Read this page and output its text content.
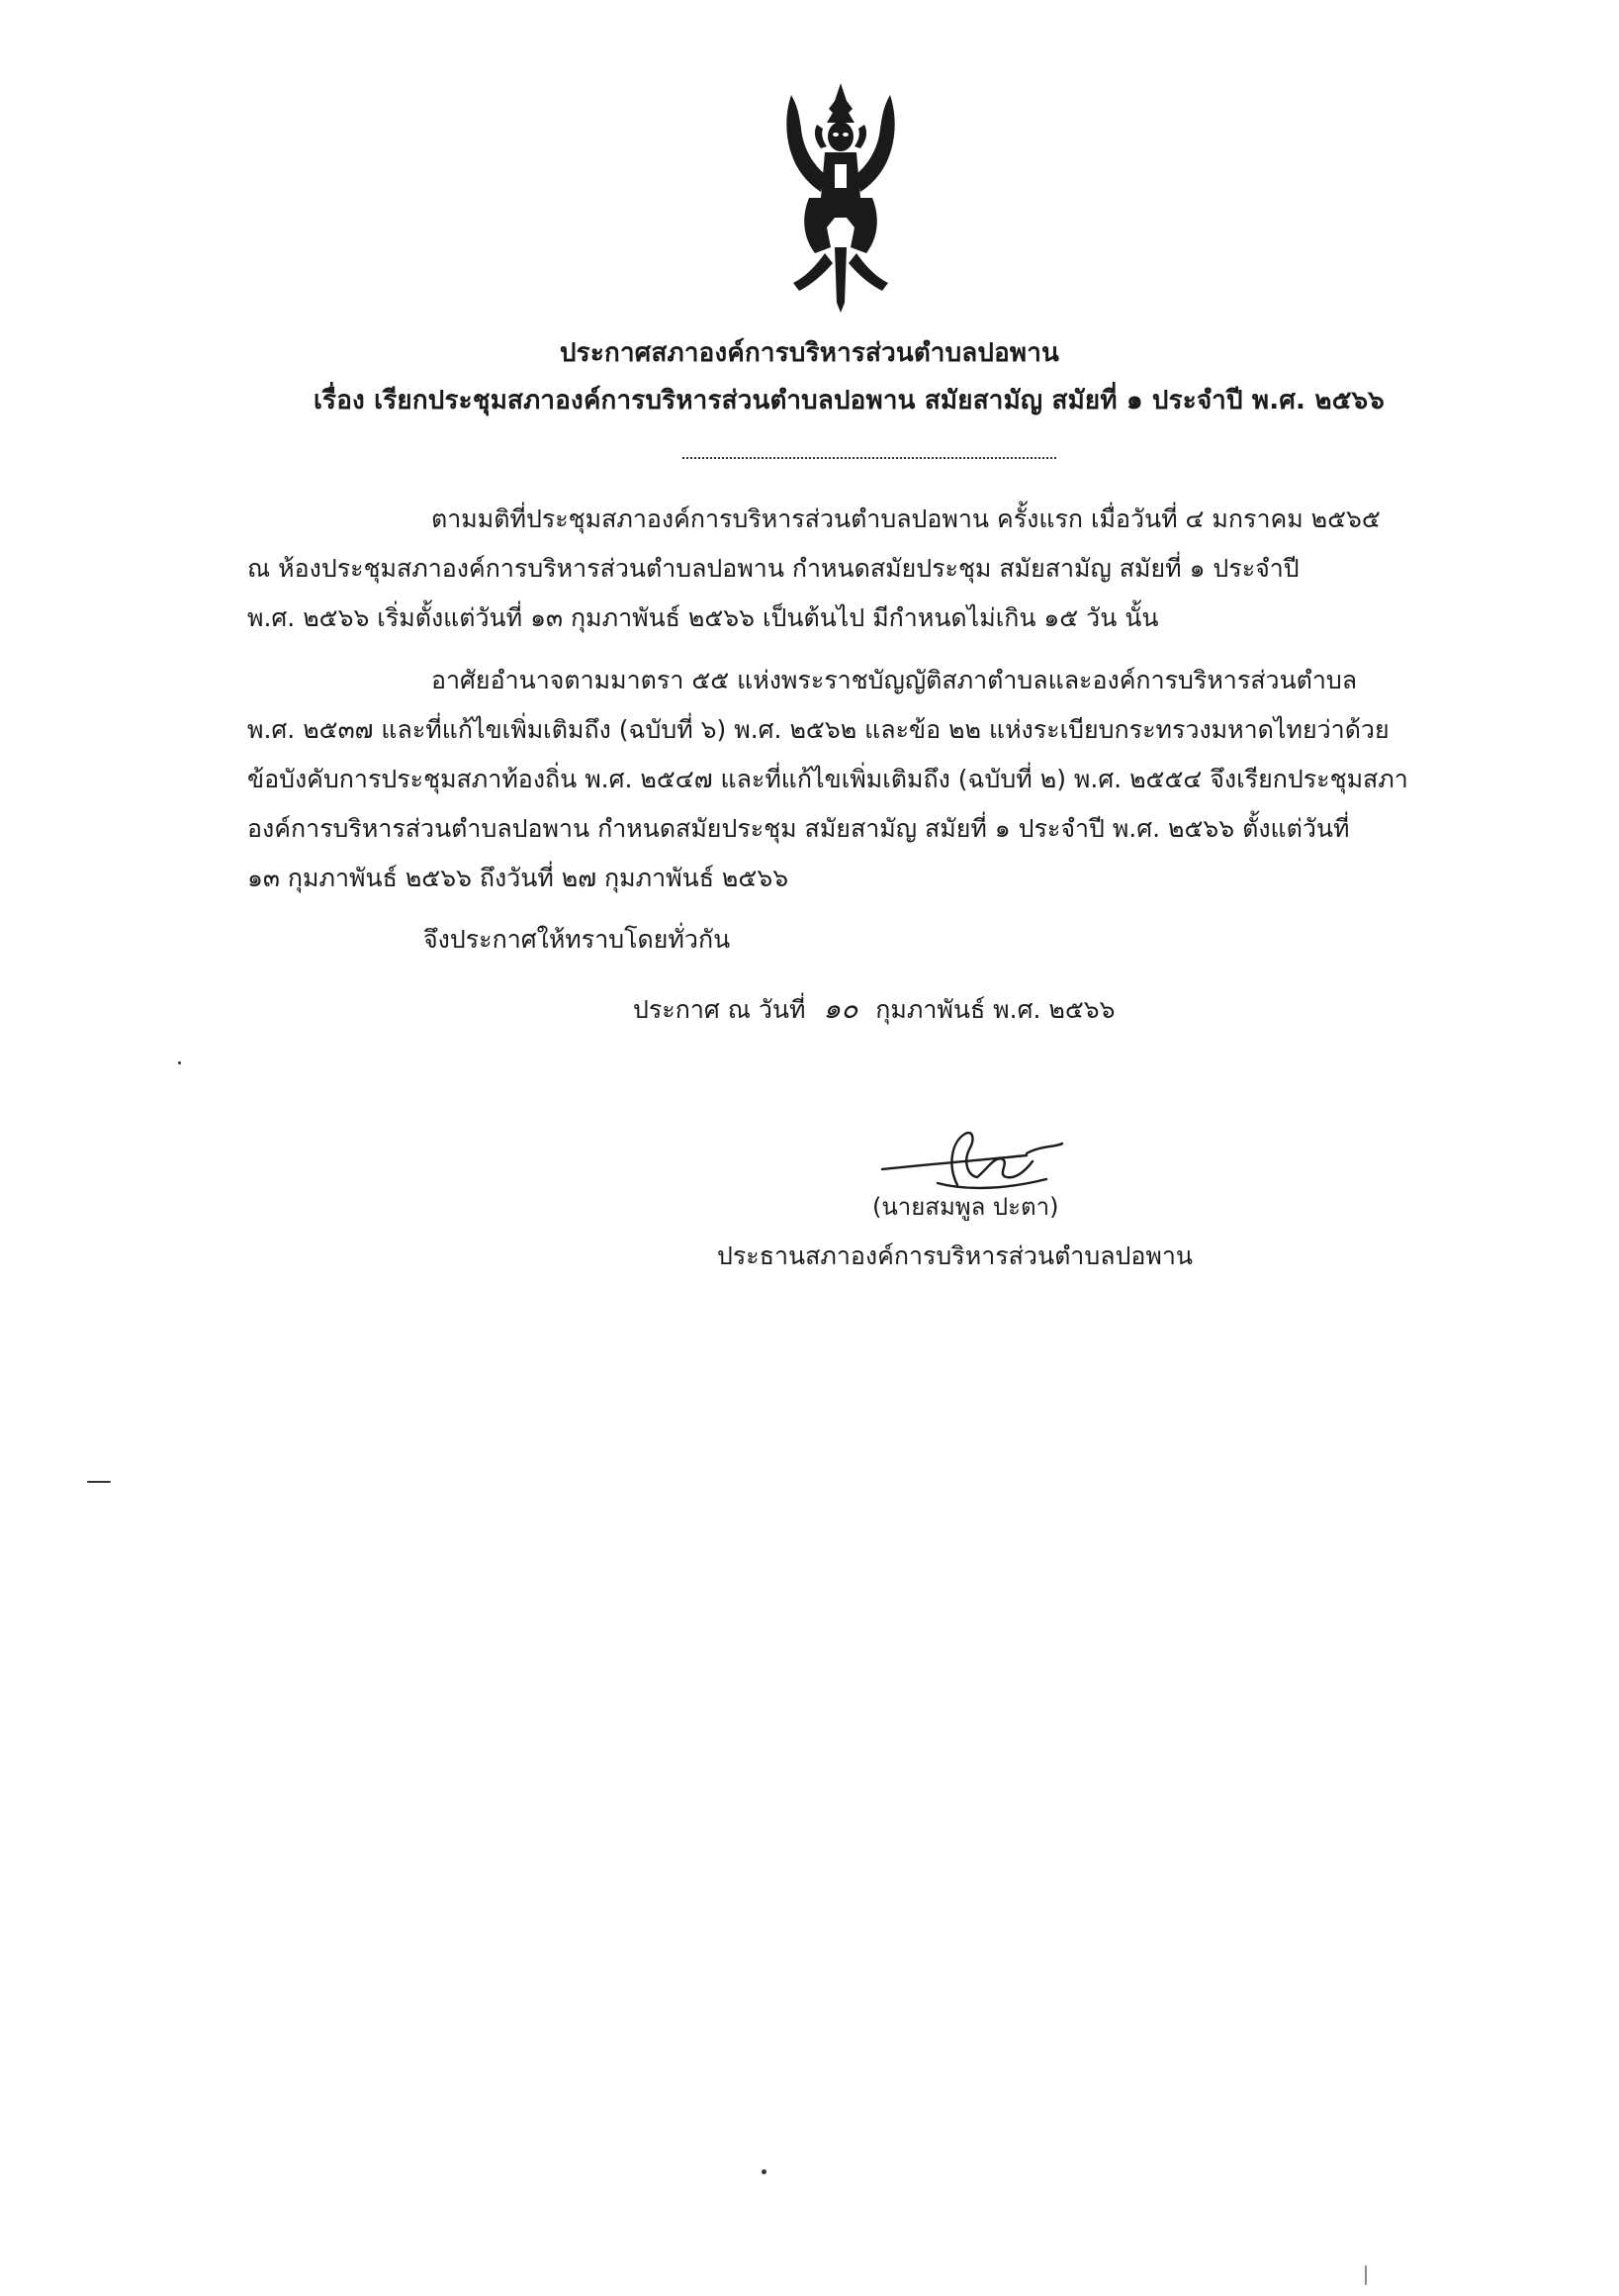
ประกาศสภาองค์การบริหารส่วนตำบลปอพาน
เรื่อง เรียกประชุมสภาองค์การบริหารส่วนตำบลปอพาน สมัยสามัญ สมัยที่ ๑ ประจำปี พ.ศ. ๒๕๖๖
ตามมติที่ประชุมสภาองค์การบริหารส่วนตำบลปอพาน ครั้งแรก เมื่อวันที่ ๔ มกราคม ๒๕๖๕
ณ ห้องประชุมสภาองค์การบริหารส่วนตำบลปอพาน กำหนดสมัยประชุม สมัยสามัญ สมัยที่ ๑ ประจำปี
พ.ศ. ๒๕๖๖ เริ่มตั้งแต่วันที่ ๑๓ กุมภาพันธ์ ๒๕๖๖ เป็นต้นไป มีกำหนดไม่เกิน ๑๕ วัน นั้น
อาศัยอำนาจตามมาตรา ๕๕ แห่งพระราชบัญญัติสภาตำบลและองค์การบริหารส่วนตำบล
พ.ศ. ๒๕๓๗ และที่แก้ไขเพิ่มเติมถึง (ฉบับที่ ๖) พ.ศ. ๒๕๖๒ และข้อ ๒๒ แห่งระเบียบกระทรวงมหาดไทยว่าด้วย
ข้อบังคับการประชุมสภาท้องถิ่น พ.ศ. ๒๕๔๗ และที่แก้ไขเพิ่มเติมถึง (ฉบับที่ ๒) พ.ศ. ๒๕๕๔ จึงเรียกประชุมสภา
องค์การบริหารส่วนตำบลปอพาน กำหนดสมัยประชุม สมัยสามัญ สมัยที่ ๑ ประจำปี พ.ศ. ๒๕๖๖ ตั้งแต่วันที่
๑๓ กุมภาพันธ์ ๒๕๖๖ ถึงวันที่ ๒๗ กุมภาพันธ์ ๒๕๖๖
จึงประกาศให้ทราบโดยทั่วกัน
ประกาศ ณ วันที่ ๑๐ กุมภาพันธ์ พ.ศ. ๒๕๖๖
(นายสมพูล ปะตา)
ประธานสภาองค์การบริหารส่วนตำบลปอพาน
